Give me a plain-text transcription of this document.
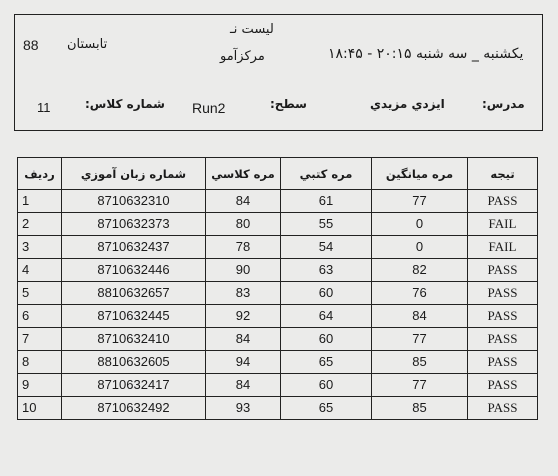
88 تابستان
لیست نـ
مرکزآمو	یکشنبه _ سه شنبه ۲۰:۱۵ - ۱۸:۴۵
11	شماره کلاس: Run2	سطح:	ایزدي مزيدي	مدرس:
ردیف	شماره زبان آموزي	مره كلاسي	مره كتبي	مره میانگین	تیجه
1	8710632310	84	61	77	PASS
2	8710632373	80	55	0	FAIL
3	8710632437	78	54	0	FAIL
4	8710632446	90	63	82	PASS
5	8810632657	83	60	76	PASS
6	8710632445	92	64	84	PASS
7	8710632410	84	60	77	PASS
8	8810632605	94	65	85	PASS
9	8710632417	84	60	77	PASS
10	8710632492	93	65	85	PASS
